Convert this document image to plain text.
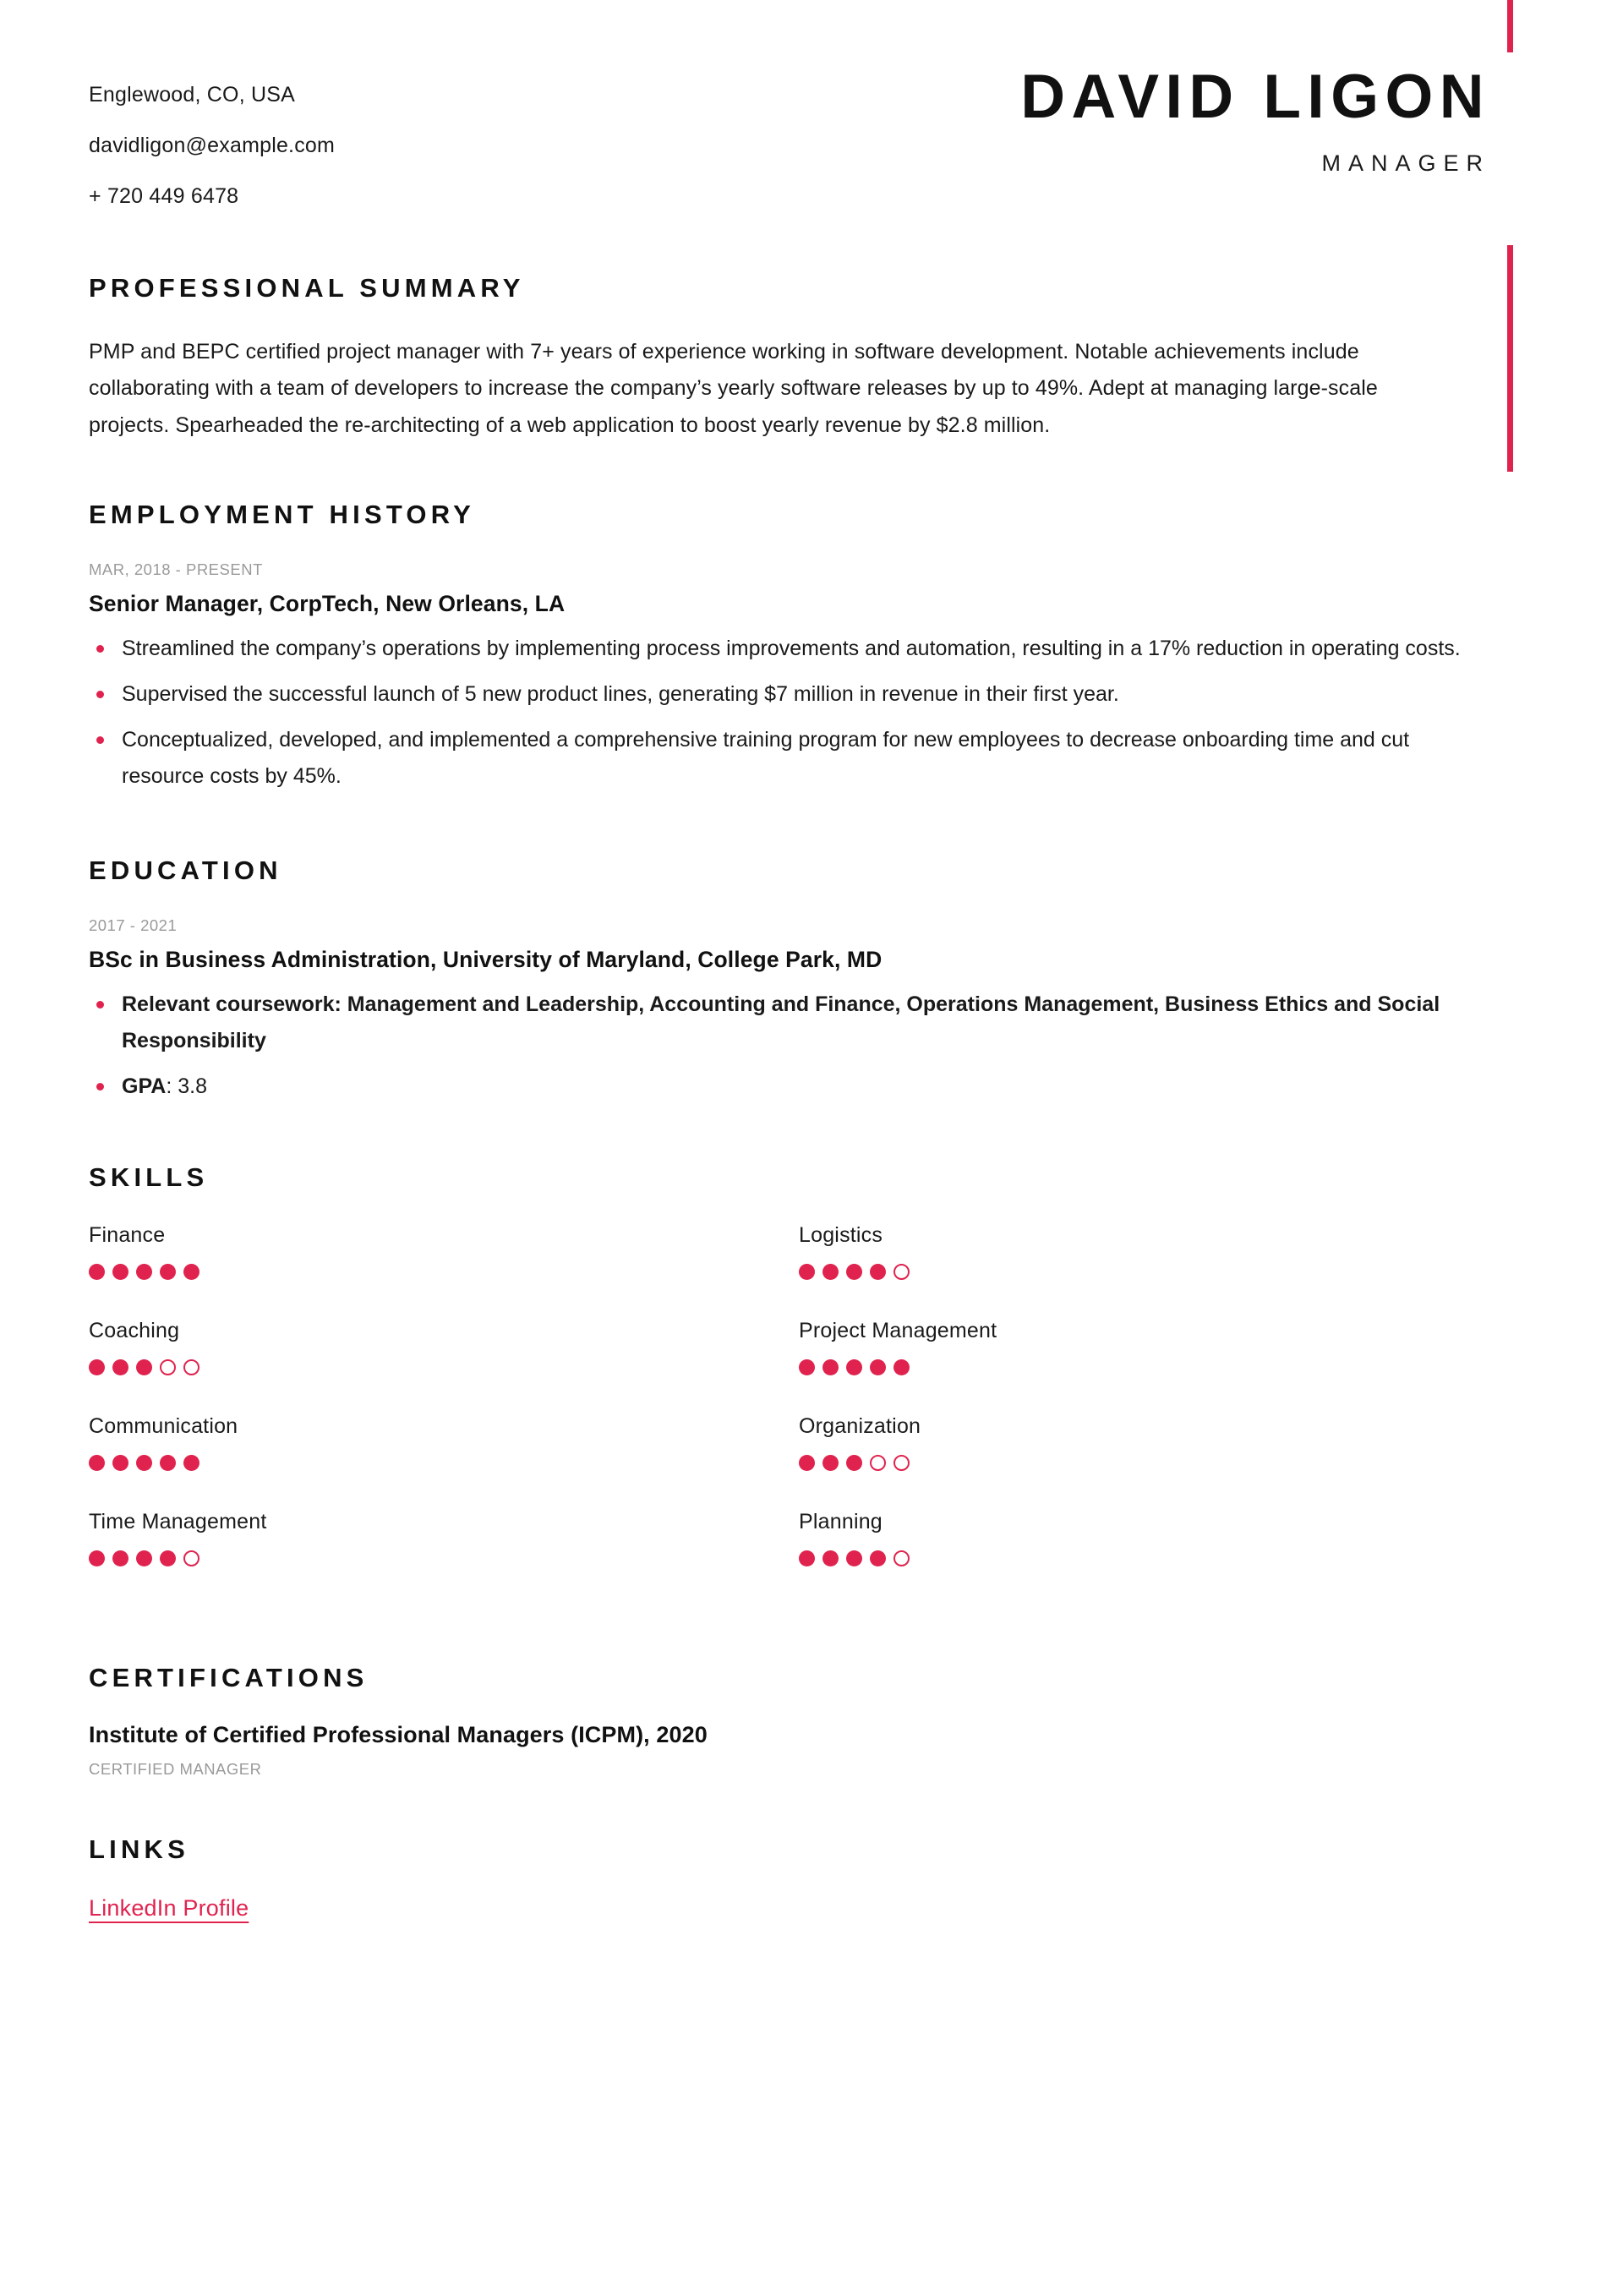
Englewood, CO, USA
davidligon@example.com
+ 720 449 6478
DAVID LIGON
MANAGER
PROFESSIONAL SUMMARY
PMP and BEPC certified project manager with 7+ years of experience working in software development. Notable achievements include collaborating with a team of developers to increase the company’s yearly software releases by up to 49%. Adept at managing large-scale projects. Spearheaded the re-architecting of a web application to boost yearly revenue by $2.8 million.
EMPLOYMENT HISTORY
MAR, 2018 - PRESENT
Senior Manager, CorpTech, New Orleans, LA
Streamlined the company’s operations by implementing process improvements and automation, resulting in a 17% reduction in operating costs.
Supervised the successful launch of 5 new product lines, generating $7 million in revenue in their first year.
Conceptualized, developed, and implemented a comprehensive training program for new employees to decrease onboarding time and cut resource costs by 45%.
EDUCATION
2017 - 2021
BSc in Business Administration, University of Maryland, College Park, MD
Relevant coursework: Management and Leadership, Accounting and Finance, Operations Management, Business Ethics and Social Responsibility
GPA: 3.8
SKILLS
Finance	Logistics
Coaching	Project Management
Communication	Organization
Time Management	Planning
CERTIFICATIONS
Institute of Certified Professional Managers (ICPM), 2020
CERTIFIED MANAGER
LINKS
LinkedIn Profile
